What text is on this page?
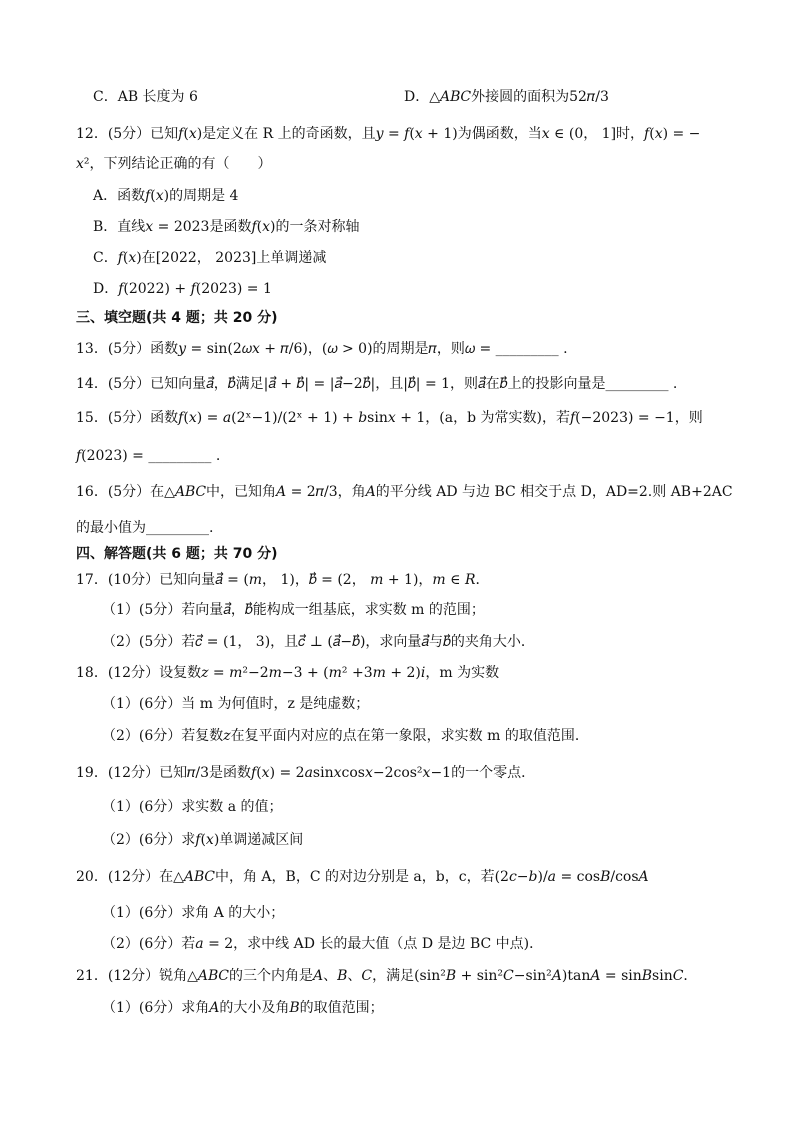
C．AB 长度为 6	D．△𝐴𝐵𝐶外接圆的面积为52𝜋/3
12．(5分）已知𝑓(𝑥)是定义在 R 上的奇函数，且𝑦 = 𝑓(𝑥 + 1)为偶函数，当𝑥 ∈ (0， 1]时，𝑓(𝑥) = −
𝑥²，下列结论正确的有（　　）
A．函数𝑓(𝑥)的周期是 4
B．直线𝑥 = 2023是函数𝑓(𝑥)的一条对称轴
C．𝑓(𝑥)在[2022， 2023]上单调递减
D．𝑓(2022) + 𝑓(2023) = 1
三、填空题(共 4 题；共 20 分)
13．(5分）函数𝑦 = sin(2𝜔𝑥 + 𝜋/6)，(𝜔 > 0)的周期是𝜋，则𝜔 = _________ .
14．(5分）已知向量𝑎⃗，𝑏⃗满足|𝑎⃗ + 𝑏⃗| = |𝑎⃗−2𝑏⃗|，且|𝑏⃗| = 1，则𝑎⃗在𝑏⃗上的投影向量是_________ .
15．(5分）函数𝑓(𝑥) = 𝑎(2ˣ−1)/(2ˣ + 1) + 𝑏sin𝑥 + 1，(a，b 为常实数)，若𝑓(−2023) = −1，则
𝑓(2023) = _________ .
16．(5分）在△𝐴𝐵𝐶中，已知角𝐴 = 2𝜋/3，角𝐴的平分线 AD 与边 BC 相交于点 D，AD=2.则 AB+2AC
的最小值为_________.
四、解答题(共 6 题；共 70 分)
17．(10分）已知向量𝑎⃗ = (𝑚， 1)，𝑏⃗ = (2， 𝑚 + 1)，𝑚 ∈ 𝑅．
（1）(5分）若向量𝑎⃗，𝑏⃗能构成一组基底，求实数 m 的范围；
（2）(5分）若𝑐⃗ = (1， 3)，且𝑐⃗ ⊥ (𝑎⃗−𝑏⃗)，求向量𝑎⃗与𝑏⃗的夹角大小．
18．(12分）设复数𝑧 = 𝑚²−2𝑚−3 + (𝑚² +3𝑚 + 2)𝑖，m 为实数
（1）(6分）当 m 为何值时，z 是纯虚数；
（2）(6分）若复数𝑧在复平面内对应的点在第一象限，求实数 m 的取值范围．
19．(12分）已知𝜋/3是函数𝑓(𝑥) = 2𝑎sin𝑥cos𝑥−2cos²𝑥−1的一个零点．
（1）(6分）求实数 a 的值；
（2）(6分）求𝑓(𝑥)单调递减区间
20．(12分）在△𝐴𝐵𝐶中，角 A，B，C 的对边分别是 a，b，c，若(2𝑐−𝑏)/𝑎 = cos𝐵/cos𝐴
（1）(6分）求角 A 的大小；
（2）(6分）若𝑎 = 2，求中线 AD 长的最大值（点 D 是边 BC 中点)．
21．(12分）锐角△𝐴𝐵𝐶的三个内角是𝐴、𝐵、𝐶，满足(sin²𝐵 + sin²𝐶−sin²𝐴)tan𝐴 = sin𝐵sin𝐶．
（1）(6分）求角𝐴的大小及角𝐵的取值范围；
